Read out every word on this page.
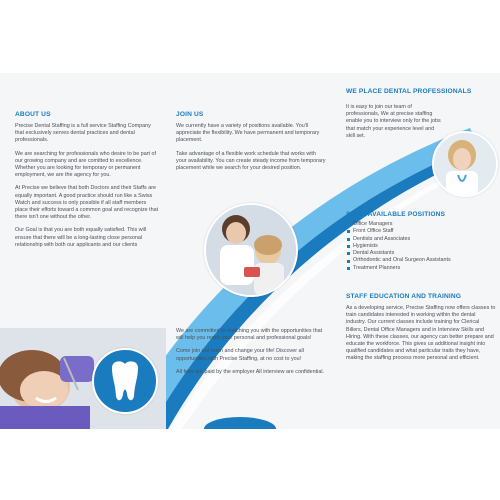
ABOUT US

Precise Dental Staffing is a full service Staffing Company that exclusively serves dental practices and dental professionals.

We are searching for professionals who desire to be part of our growing company and are comitted to excellence. Whether you are looking for temporary or permanent employment, we are the agency for you.

At Precise we believe that both Doctors and their Staffs are equally important. A good practice should run like a Swiss Watch and success is only possible if all staff members place their efforts toward a common goal and recognize that there isn't one without the other.

Our Goal is that you are both equally satisfied. This will ensure that there will be a long-lasting close personal relationship with both our applicants and our clients

JOIN US

We currently have a variety of positions available. You'll appreciate the flexibility. We have permanent and temporary placement.

Take advantage of a flexible work schedule that works with your availability. You can create steady income from temporary placement while we search for your desired position.

We are committed to matching you with the opportunities that will help you reach your personal and professional goals!

Come join our team and change your life! Discover all opportunities with Precise Staffing, at no cost to you!

All fees are paid by the employer All interview are confidential.

WE PLACE DENTAL PROFESSIONALS

It is easy to join our team of professionals, We at precise staffing enable you to interview only for the jobs that match your experience level and skill set.

SOME AVAILABLE POSITIONS
Office Managers
Front Office Staff
Dentists and Associates
Hygienists
Dental Assistants
Orthodontic and Oral Surgeon Assistants
Treatment Planners
STAFF EDUCATION AND TRAINING

As a developing service, Precise Staffing now offers classes to train candidates interested in working within the dental industry. Our current classes include training for Clerical Billers, Dental Office Managers and in Interview Skills and Hiring. With these classes, our agency can better prepare and educate the workforce. This gives us additional insight into qualified candidates and what particular traits they have, making the staffing process more personal and efficient.
